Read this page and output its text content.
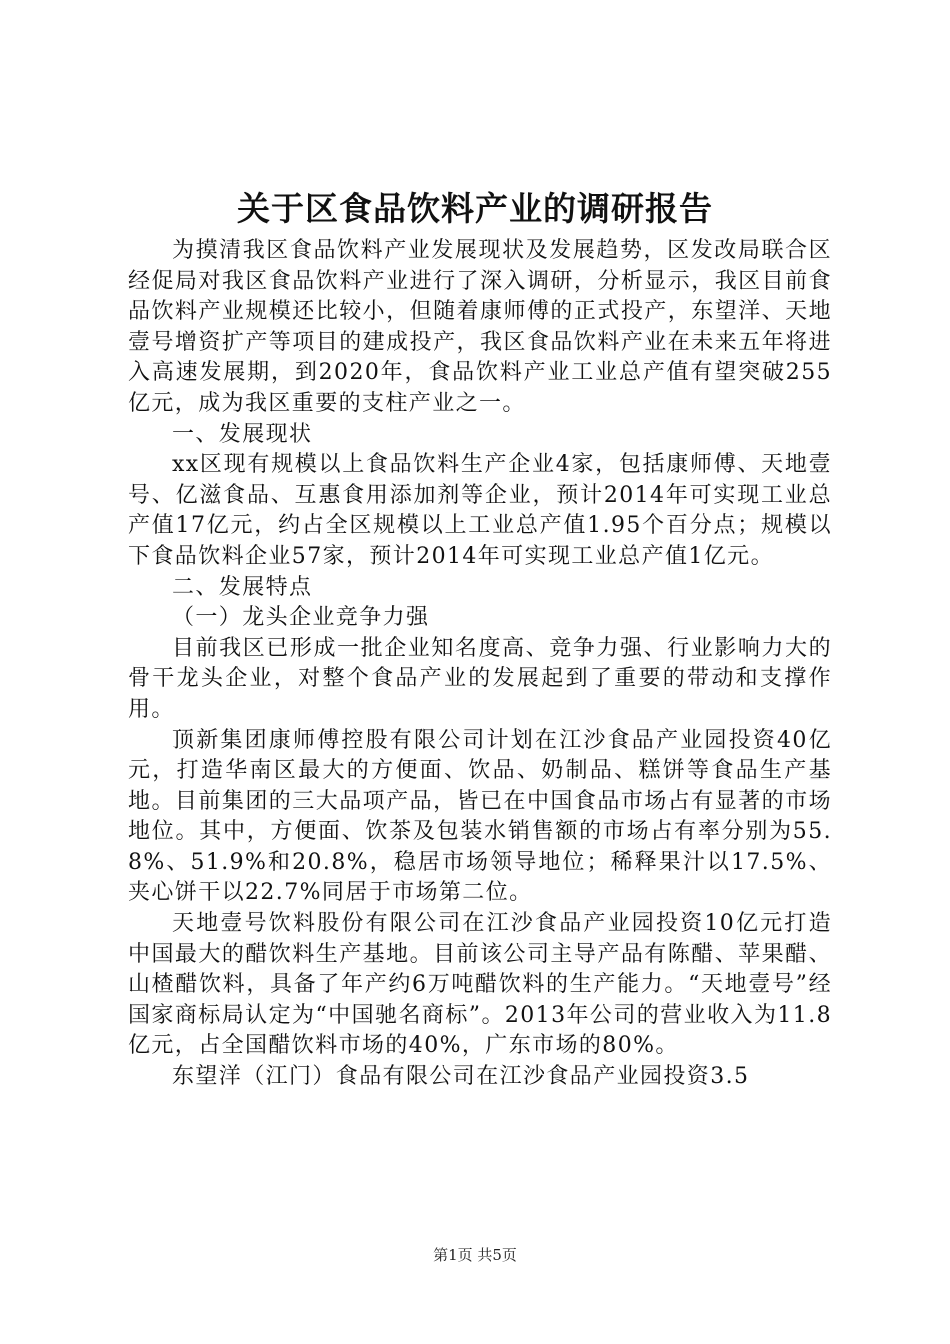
关于区食品饮料产业的调研报告

为摸清我区食品饮料产业发展现状及发展趋势，区发改局联合区经促局对我区食品饮料产业进行了深入调研，分析显示，我区目前食品饮料产业规模还比较小，但随着康师傅的正式投产，东望洋、天地壹号增资扩产等项目的建成投产，我区食品饮料产业在未来五年将进入高速发展期，到2020年，食品饮料产业工业总产值有望突破255亿元，成为我区重要的支柱产业之一。

一、发展现状

xx区现有规模以上食品饮料生产企业4家，包括康师傅、天地壹号、亿滋食品、互惠食用添加剂等企业，预计2014年可实现工业总产值17亿元，约占全区规模以上工业总产值1.95个百分点；规模以下食品饮料企业57家，预计2014年可实现工业总产值1亿元。

二、发展特点

（一）龙头企业竞争力强

目前我区已形成一批企业知名度高、竞争力强、行业影响力大的骨干龙头企业，对整个食品产业的发展起到了重要的带动和支撑作用。

顶新集团康师傅控股有限公司计划在江沙食品产业园投资40亿元，打造华南区最大的方便面、饮品、奶制品、糕饼等食品生产基地。目前集团的三大品项产品，皆已在中国食品市场占有显著的市场地位。其中，方便面、饮茶及包装水销售额的市场占有率分别为55.8%、51.9%和20.8%，稳居市场领导地位；稀释果汁以17.5%、夹心饼干以22.7%同居于市场第二位。

天地壹号饮料股份有限公司在江沙食品产业园投资10亿元打造中国最大的醋饮料生产基地。目前该公司主导产品有陈醋、苹果醋、山楂醋饮料，具备了年产约6万吨醋饮料的生产能力。“天地壹号”经国家商标局认定为“中国驰名商标”。2013年公司的营业收入为11.8亿元，占全国醋饮料市场的40%，广东市场的80%。

东望洋（江门）食品有限公司在江沙食品产业园投资3.5

第1页 共5页
